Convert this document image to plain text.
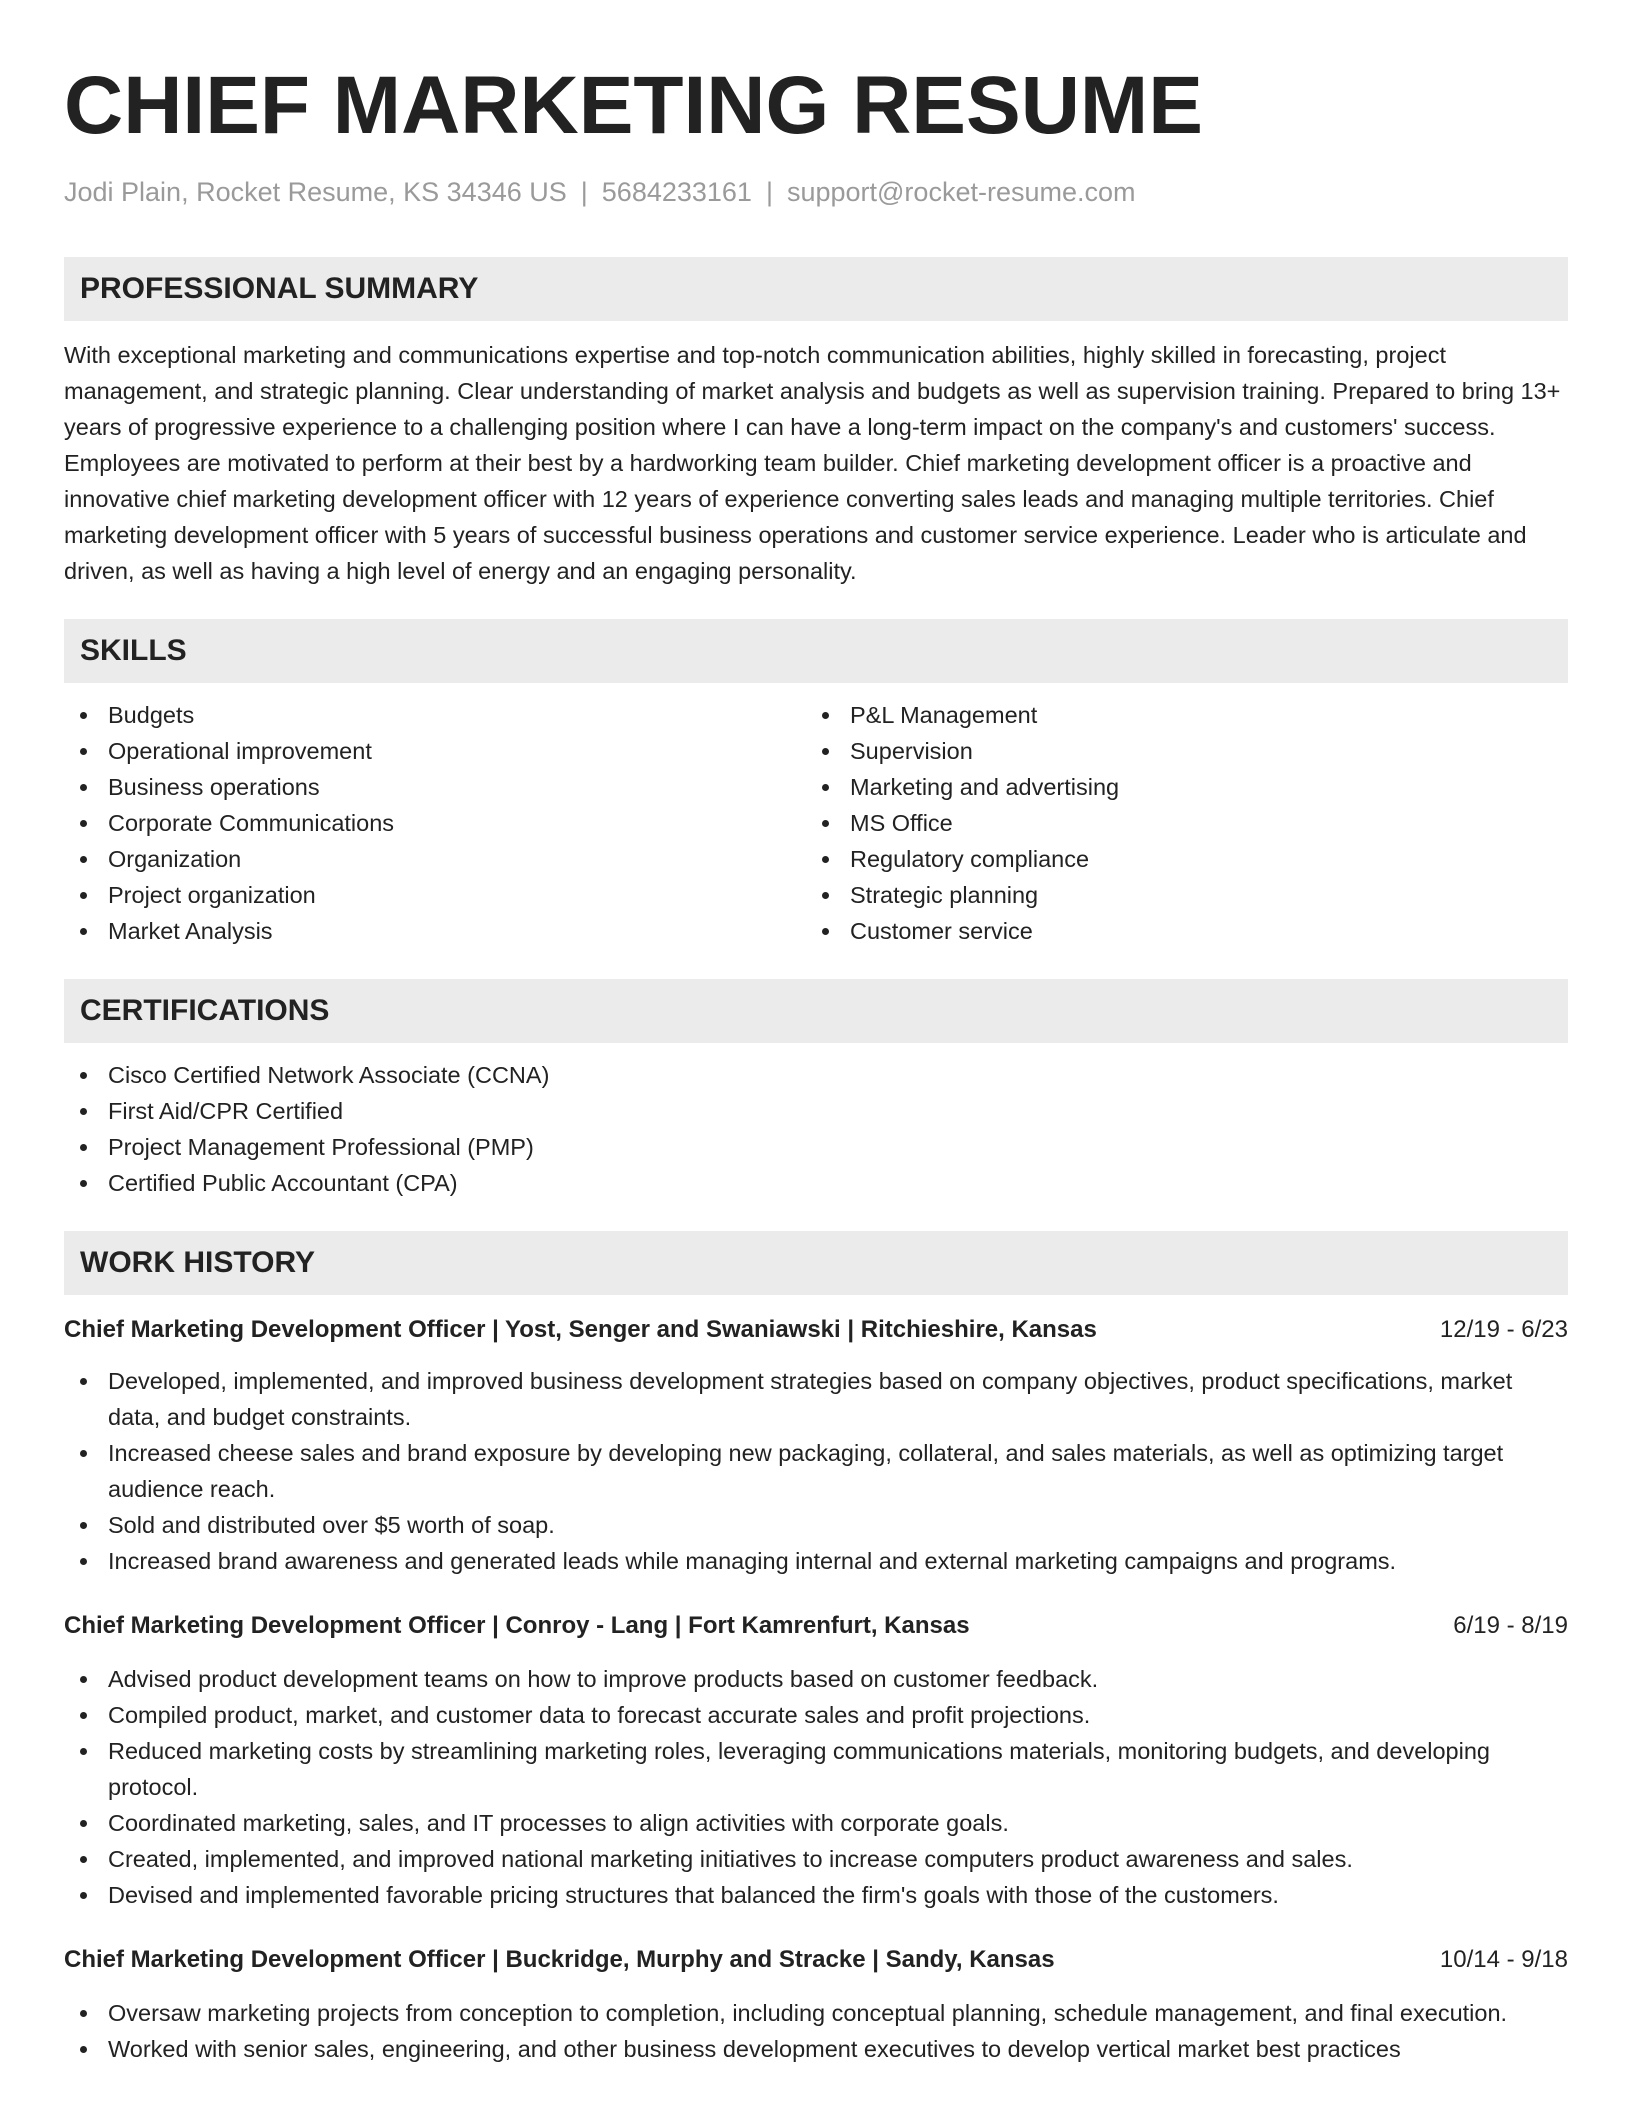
CHIEF MARKETING RESUME
Jodi Plain, Rocket Resume, KS 34346 US | 5684233161 | support@rocket-resume.com
PROFESSIONAL SUMMARY

With exceptional marketing and communications expertise and top-notch communication abilities, highly skilled in forecasting, project management, and strategic planning. Clear understanding of market analysis and budgets as well as supervision training. Prepared to bring 13+ years of progressive experience to a challenging position where I can have a long-term impact on the company's and customers' success. Employees are motivated to perform at their best by a hardworking team builder. Chief marketing development officer is a proactive and innovative chief marketing development officer with 12 years of experience converting sales leads and managing multiple territories. Chief marketing development officer with 5 years of successful business operations and customer service experience. Leader who is articulate and driven, as well as having a high level of energy and an engaging personality.

SKILLS
Budgets
Operational improvement
Business operations
Corporate Communications
Organization
Project organization
Market Analysis
P&L Management
Supervision
Marketing and advertising
MS Office
Regulatory compliance
Strategic planning
Customer service
CERTIFICATIONS
Cisco Certified Network Associate (CCNA)
First Aid/CPR Certified
Project Management Professional (PMP)
Certified Public Accountant (CPA)
WORK HISTORY
Chief Marketing Development Officer | Yost, Senger and Swaniawski | Ritchieshire, Kansas	12/19 - 6/23
Developed, implemented, and improved business development strategies based on company objectives, product specifications, market data, and budget constraints.
Increased cheese sales and brand exposure by developing new packaging, collateral, and sales materials, as well as optimizing target audience reach.
Sold and distributed over $5 worth of soap.
Increased brand awareness and generated leads while managing internal and external marketing campaigns and programs.
Chief Marketing Development Officer | Conroy - Lang | Fort Kamrenfurt, Kansas	6/19 - 8/19
Advised product development teams on how to improve products based on customer feedback.
Compiled product, market, and customer data to forecast accurate sales and profit projections.
Reduced marketing costs by streamlining marketing roles, leveraging communications materials, monitoring budgets, and developing protocol.
Coordinated marketing, sales, and IT processes to align activities with corporate goals.
Created, implemented, and improved national marketing initiatives to increase computers product awareness and sales.
Devised and implemented favorable pricing structures that balanced the firm's goals with those of the customers.
Chief Marketing Development Officer | Buckridge, Murphy and Stracke | Sandy, Kansas	10/14 - 9/18
Oversaw marketing projects from conception to completion, including conceptual planning, schedule management, and final execution.
Worked with senior sales, engineering, and other business development executives to develop vertical market best practices
